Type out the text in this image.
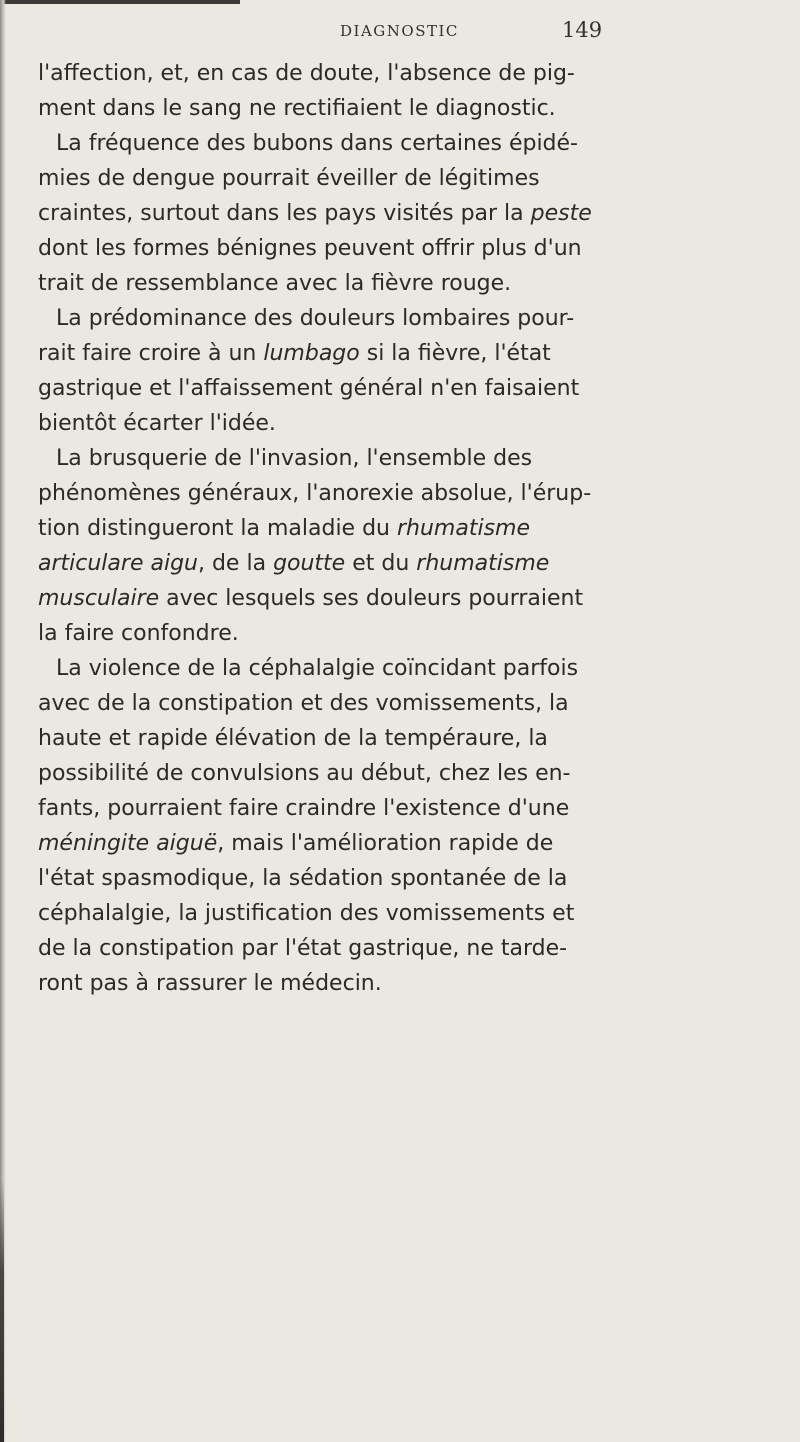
DIAGNOSTIC	149
l'affection, et, en cas de doute, l'absence de pig-
ment dans le sang ne rectifiaient le diagnostic.
La fréquence des bubons dans certaines épidé-
mies de dengue pourrait éveiller de légitimes
craintes, surtout dans les pays visités par la peste
dont les formes bénignes peuvent offrir plus d'un
trait de ressemblance avec la fièvre rouge.
La prédominance des douleurs lombaires pour-
rait faire croire à un lumbago si la fièvre, l'état
gastrique et l'affaissement général n'en faisaient
bientôt écarter l'idée.
La brusquerie de l'invasion, l'ensemble des
phénomènes généraux, l'anorexie absolue, l'érup-
tion distingueront la maladie du rhumatisme
articulare aigu, de la goutte et du rhumatisme
musculaire avec lesquels ses douleurs pourraient
la faire confondre.
La violence de la céphalalgie coïncidant parfois
avec de la constipation et des vomissements, la
haute et rapide élévation de la tempéraure, la
possibilité de convulsions au début, chez les en-
fants, pourraient faire craindre l'existence d'une
méningite aiguë, mais l'amélioration rapide de
l'état spasmodique, la sédation spontanée de la
céphalalgie, la justification des vomissements et
de la constipation par l'état gastrique, ne tarde-
ront pas à rassurer le médecin.
